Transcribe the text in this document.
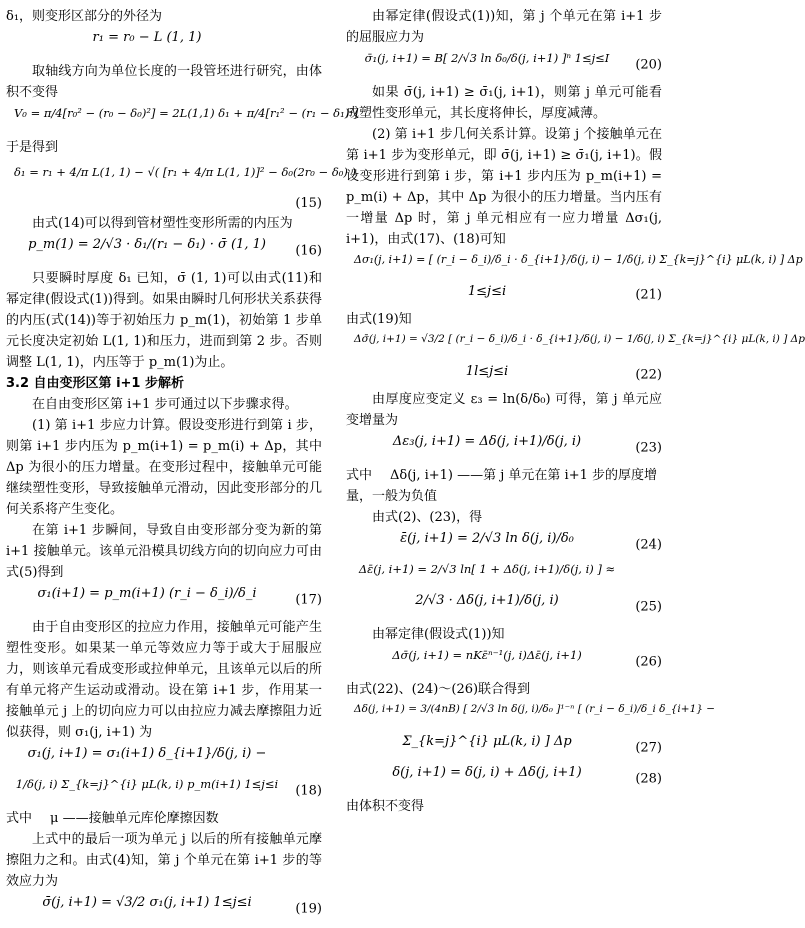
δ₁，则变形区部分的外径为

r₁ = r₀ − L (1, 1)

取轴线方向为单位长度的一段管坯进行研究，由体积不变得

V₀ = π/4[r₀² − (r₀ − δ₀)²] = 2L(1,1) δ₁ + π/4[r₁² − (r₁ − δ₁)²]

于是得到

δ₁ = r₁ + 4/π L(1, 1) − √( [r₁ + 4/π L(1, 1)]² − δ₀(2r₀ − δ₀) )
(15)

由式(14)可以得到管材塑性变形所需的内压为

p_m(1) = 2/√3 · δ₁/(r₁ − δ₁) · σ̄ (1, 1)	(16)

只要瞬时厚度 δ₁ 已知，σ̄ (1, 1)可以由式(11)和幂定律(假设式(1))得到。如果由瞬时几何形状关系获得的内压(式(14))等于初始压力 p_m(1)，初始第 1 步单元长度决定初始 L(1, 1)和压力，进而到第 2 步。否则调整 L(1, 1)，内压等于 p_m(1)为止。

3.2 自由变形区第 i+1 步解析

在自由变形区第 i+1 步可通过以下步骤求得。

(1) 第 i+1 步应力计算。假设变形进行到第 i 步，则第 i+1 步内压为 p_m(i+1) = p_m(i) + Δp，其中 Δp 为很小的压力增量。在变形过程中，接触单元可能继续塑性变形，导致接触单元滑动，因此变形部分的几何关系将产生变化。

在第 i+1 步瞬间，导致自由变形部分变为新的第 i+1 接触单元。该单元沿模具切线方向的切向应力可由式(5)得到

σ₁(i+1) = p_m(i+1) (r_i − δ_i)/δ_i	(17)

由于自由变形区的拉应力作用，接触单元可能产生塑性变形。如果某一单元等效应力等于或大于屈服应力，则该单元看成变形或拉伸单元，且该单元以后的所有单元将产生运动或滑动。设在第 i+1 步，作用某一接触单元 j 上的切向应力可以由拉应力减去摩擦阻力近似获得，则 σ₁(j, i+1) 为

σ₁(j, i+1) = σ₁(i+1) δ_{i+1}/δ(j, i) −
1/δ(j, i) Σ_{k=j}^{i} μL(k, i) p_m(i+1) 1≤j≤i	(18)

式中 μ ——接触单元库伦摩擦因数

上式中的最后一项为单元 j 以后的所有接触单元摩擦阻力之和。由式(4)知，第 j 个单元在第 i+1 步的等效应力为

σ̄(j, i+1) = √3/2 σ₁(j, i+1) 1≤j≤i	(19)

由幂定律(假设式(1))知，第 j 个单元在第 i+1 步的屈服应力为

σ̄₁(j, i+1) = B[ 2/√3 ln δ₀/δ(j, i+1) ]ⁿ 1≤j≤I	(20)

如果 σ̄(j, i+1) ≥ σ̄₁(j, i+1)，则第 j 单元可能看成塑性变形单元，其长度将伸长，厚度减薄。

(2) 第 i+1 步几何关系计算。设第 j 个接触单元在第 i+1 步为变形单元，即 σ̄(j, i+1) ≥ σ̄₁(j, i+1)。假设变形进行到第 i 步，第 i+1 步内压为 p_m(i+1) = p_m(i) + Δp，其中 Δp 为很小的压力增量。当内压有一增量 Δp 时，第 j 单元相应有一应力增量 Δσ₁(j, i+1)，由式(17)、(18)可知

Δσ₁(j, i+1) = [ (r_i − δ_i)/δ_i · δ_{i+1}/δ(j, i) − 1/δ(j, i) Σ_{k=j}^{i} μL(k, i) ] Δp
1≤j≤i	(21)

由式(19)知

Δσ̄(j, i+1) = √3/2 [ (r_i − δ_i)/δ_i · δ_{i+1}/δ(j, i) − 1/δ(j, i) Σ_{k=j}^{i} μL(k, i) ] Δp
1l≤j≤i	(22)

由厚度应变定义 ε₃ = ln(δ/δ₀) 可得，第 j 单元应变增量为

Δε₃(j, i+1) = Δδ(j, i+1)/δ(j, i)	(23)

式中 Δδ(j, i+1) ——第 j 单元在第 i+1 步的厚度增量，一般为负值

由式(2)、(23)，得

ε̄(j, i+1) = 2/√3 ln δ(j, i)/δ₀	(24)
Δε̄(j, i+1) = 2/√3 ln[ 1 + Δδ(j, i+1)/δ(j, i) ] ≈
2/√3 · Δδ(j, i+1)/δ(j, i)	(25)

由幂定律(假设式(1))知

Δσ̄(j, i+1) = nKε̄ⁿ⁻¹(j, i)Δε̄(j, i+1)	(26)

由式(22)、(24)～(26)联合得到

Δδ(j, i+1) = 3/(4nB) [ 2/√3 ln δ(j, i)/δ₀ ]¹⁻ⁿ [ (r_i − δ_i)/δ_i δ_{i+1} −
Σ_{k=j}^{i} μL(k, i) ] Δp	(27)
δ(j, i+1) = δ(j, i) + Δδ(j, i+1)	(28)

由体积不变得
